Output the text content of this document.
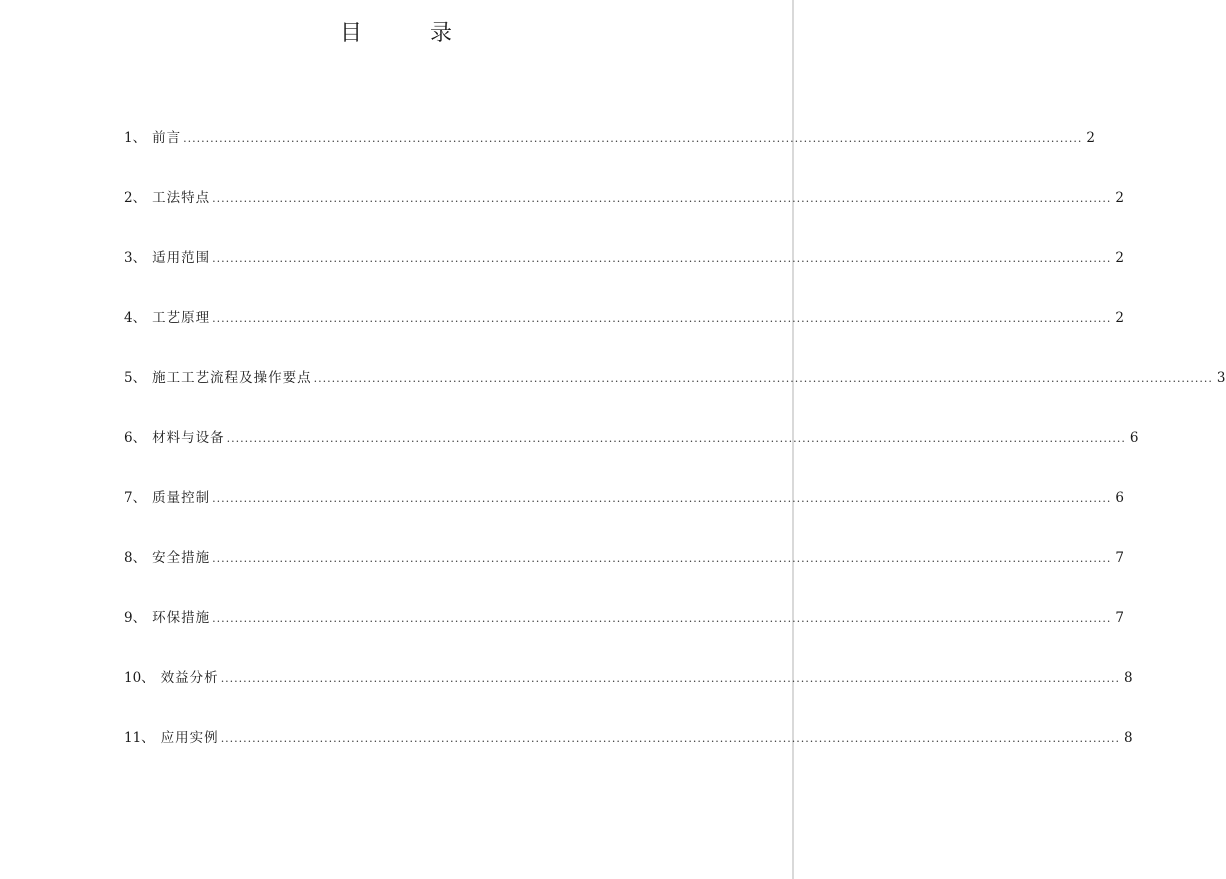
目	录
1、 前言 ........................................................................................................................................................................................................ 2
2、 工法特点 ........................................................................................................................................................................................................ 2
3、 适用范围 ........................................................................................................................................................................................................ 2
4、 工艺原理 ........................................................................................................................................................................................................ 2
5、 施工工艺流程及操作要点 ........................................................................................................................................................................................................ 3
6、 材料与设备 ........................................................................................................................................................................................................ 6
7、 质量控制 ........................................................................................................................................................................................................ 6
8、 安全措施 ........................................................................................................................................................................................................ 7
9、 环保措施 ........................................................................................................................................................................................................ 7
10、 效益分析 ........................................................................................................................................................................................................ 8
11、 应用实例 ........................................................................................................................................................................................................ 8
